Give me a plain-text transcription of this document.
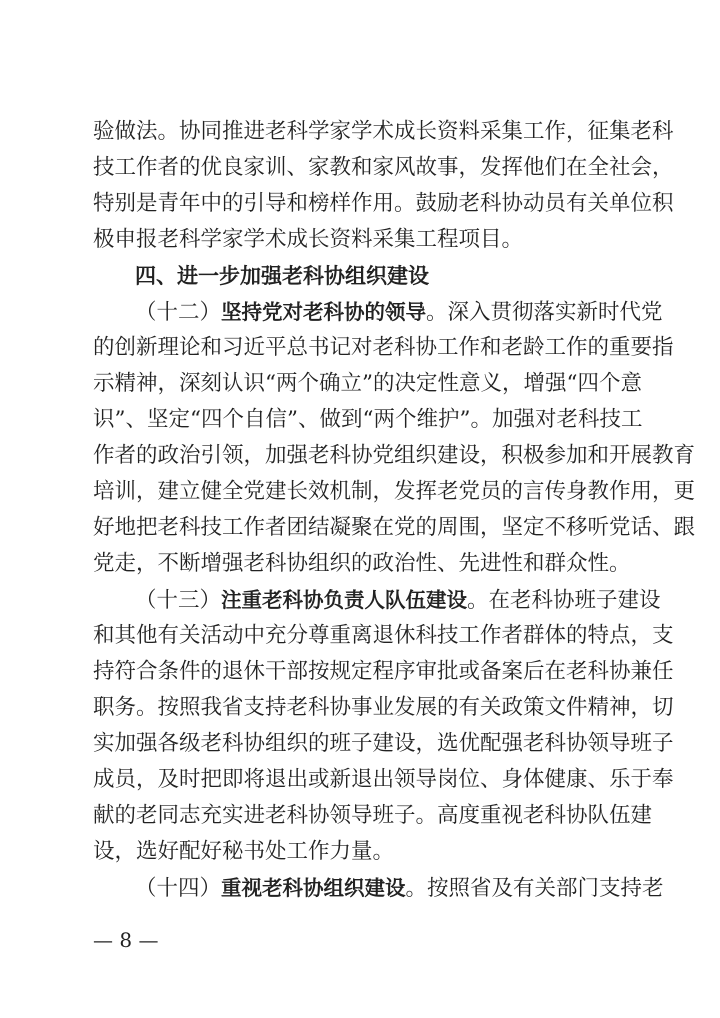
验做法。协同推进老科学家学术成长资料采集工作，征集老科
技工作者的优良家训、家教和家风故事，发挥他们在全社会，
特别是青年中的引导和榜样作用。鼓励老科协动员有关单位积
极申报老科学家学术成长资料采集工程项目。
四、进一步加强老科协组织建设
（十二）坚持党对老科协的领导。深入贯彻落实新时代党
的创新理论和习近平总书记对老科协工作和老龄工作的重要指
示精神，深刻认识“两个确立”的决定性意义，增强“四个意
识”、坚定“四个自信”、做到“两个维护”。加强对老科技工
作者的政治引领，加强老科协党组织建设，积极参加和开展教育
培训，建立健全党建长效机制，发挥老党员的言传身教作用，更
好地把老科技工作者团结凝聚在党的周围，坚定不移听党话、跟
党走，不断增强老科协组织的政治性、先进性和群众性。
（十三）注重老科协负责人队伍建设。在老科协班子建设
和其他有关活动中充分尊重离退休科技工作者群体的特点，支
持符合条件的退休干部按规定程序审批或备案后在老科协兼任
职务。按照我省支持老科协事业发展的有关政策文件精神，切
实加强各级老科协组织的班子建设，选优配强老科协领导班子
成员，及时把即将退出或新退出领导岗位、身体健康、乐于奉
献的老同志充实进老科协领导班子。高度重视老科协队伍建
设，选好配好秘书处工作力量。
（十四）重视老科协组织建设。按照省及有关部门支持老
— 8 —
